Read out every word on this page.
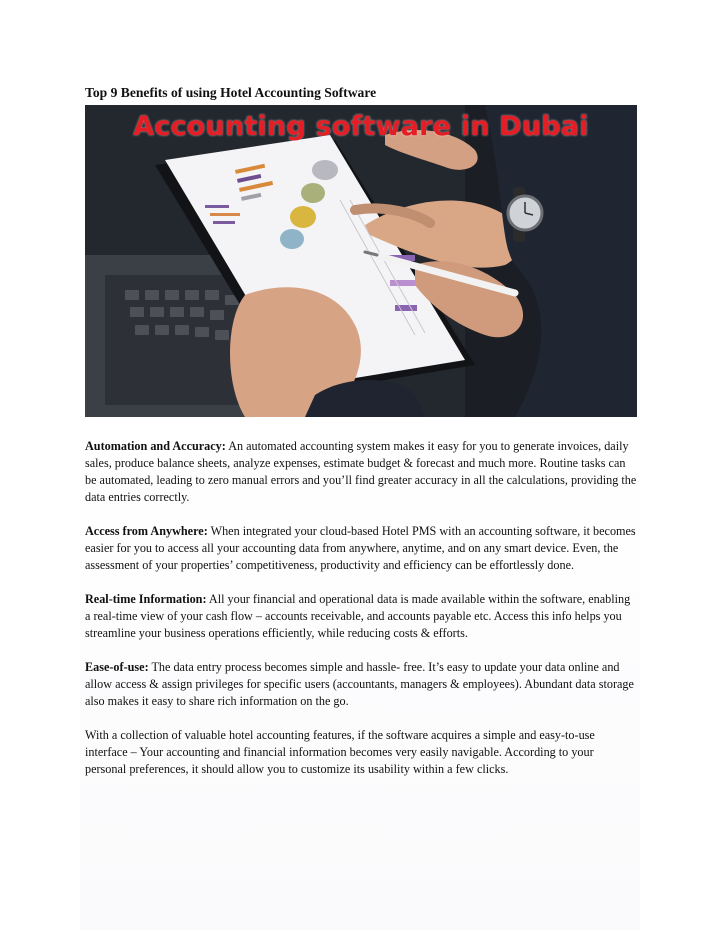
Top 9 Benefits of using Hotel Accounting Software
Accounting software in Dubai

Automation and Accuracy: An automated accounting system makes it easy for you to generate invoices, daily sales, produce balance sheets, analyze expenses, estimate budget & forecast and much more. Routine tasks can be automated, leading to zero manual errors and you’ll find greater accuracy in all the calculations, providing the data entries correctly.

Access from Anywhere: When integrated your cloud-based Hotel PMS with an accounting software, it becomes easier for you to access all your accounting data from anywhere, anytime, and on any smart device. Even, the assessment of your properties’ competitiveness, productivity and efficiency can be effortlessly done.

Real-time Information: All your financial and operational data is made available within the software, enabling a real-time view of your cash flow – accounts receivable, and accounts payable etc. Access this info helps you streamline your business operations efficiently, while reducing costs & efforts.

Ease-of-use: The data entry process becomes simple and hassle- free. It’s easy to update your data online and allow access & assign privileges for specific users (accountants, managers & employees). Abundant data storage also makes it easy to share rich information on the go.

With a collection of valuable hotel accounting features, if the software acquires a simple and easy-to-use interface – Your accounting and financial information becomes very easily navigable. According to your personal preferences, it should allow you to customize its usability within a few clicks.
